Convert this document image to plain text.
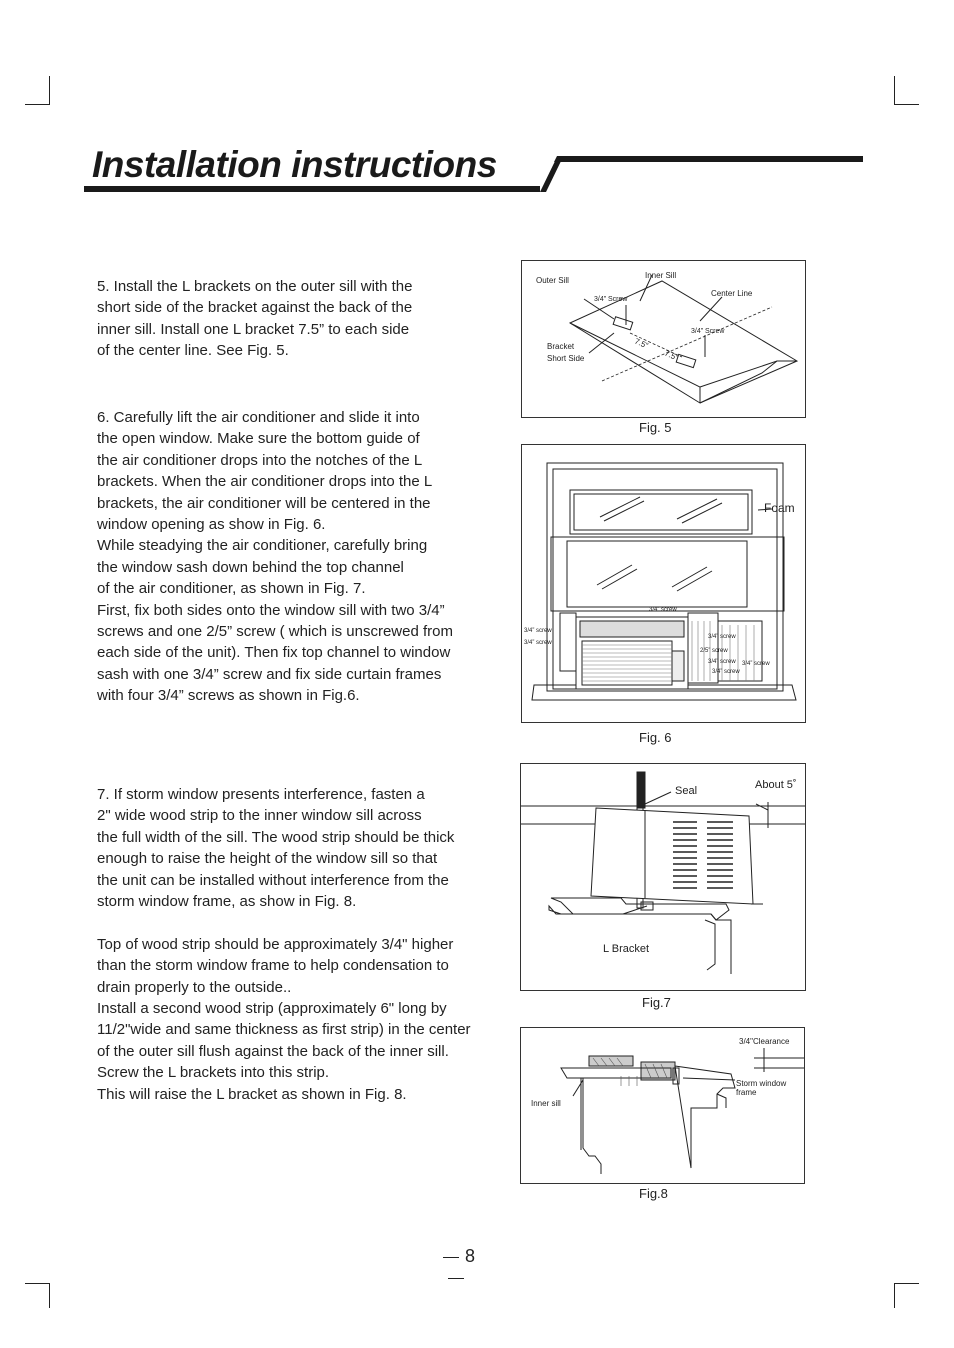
Installation instructions

5. Install the L brackets on the outer sill with the

short side of the bracket against the back of the

inner sill. Install one L bracket 7.5” to each side

of the center line. See Fig. 5.

6. Carefully lift the air conditioner and slide it into

the open window. Make sure the bottom guide of

the air conditioner drops into the notches of the L

brackets. When the air conditioner drops into the L

brackets, the air conditioner will be centered in the

window opening as show in Fig. 6.

While steadying the air conditioner, carefully bring

the window sash down behind the top channel

of the air conditioner, as shown in Fig. 7.

First, fix both sides onto the window sill with two 3/4”

screws and one 2/5” screw ( which is unscrewed from

each side of the unit). Then fix top channel to window

sash with one 3/4” screw and fix side curtain frames

with four 3/4” screws as shown in Fig.6.

7. If storm window presents interference, fasten a

2" wide wood strip to the inner window sill across

the full width of the sill. The wood strip should be thick

enough to raise the height of the window sill so that

the unit can be installed without interference from the

storm window frame, as show in Fig. 8.

Top of wood strip should be approximately 3/4" higher

than the storm window frame to help condensation to

drain properly to the outside..

Install a second wood strip (approximately 6" long by

11/2"wide and same thickness as first strip) in the center

of the outer sill flush against the back of the inner sill.

Screw the L brackets into this strip.

This will raise the L bracket as shown in Fig. 8.

Outer Sill
Inner Sill
Center Line
3/4” Screw
3/4” Screw
Bracket
Short Side
7.5”
7.5”
Fig. 5
Foam
3/4” screw
3/4” screw
3/4” screw
3/4” screw
2/5” screw
3/4” screw 3/4” screw
3/4” screw
Fig. 6
Seal	About 5˚
L Bracket
Fig.7
3/4"Clearance
Storm window
frame
Inner sill
Fig.8
8
